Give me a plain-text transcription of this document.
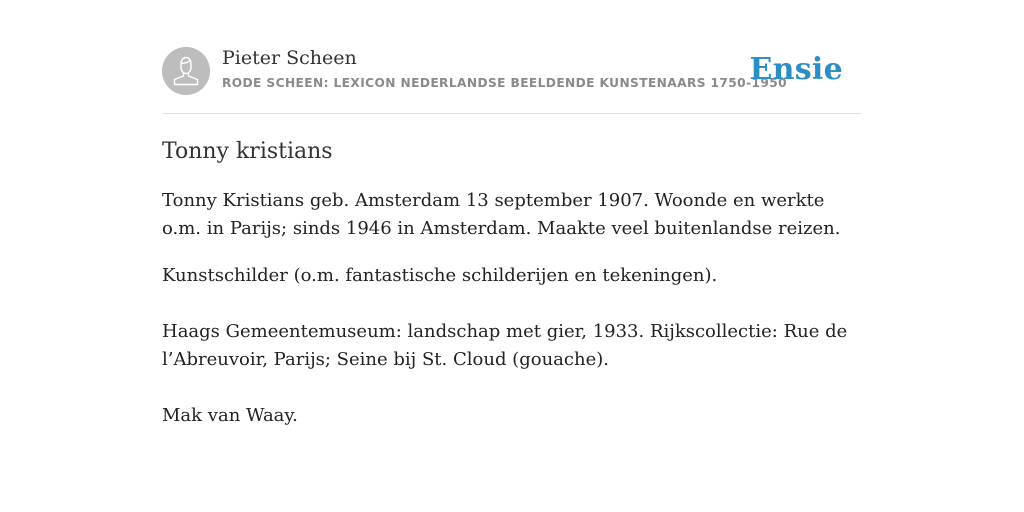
Pieter Scheen
RODE SCHEEN: LEXICON NEDERLANDSE BEELDENDE KUNSTENAARS 1750-1950
Ensie
Tonny kristians

Tonny Kristians geb. Amsterdam 13 september 1907. Woonde en werkte o.m. in Parijs; sinds 1946 in Amsterdam. Maakte veel buitenlandse reizen.

Kunstschilder (o.m. fantastische schilderijen en tekeningen).

Haags Gemeentemuseum: landschap met gier, 1933. Rijkscollectie: Rue de l’Abreuvoir, Parijs; Seine bij St. Cloud (gouache).

Mak van Waay.
